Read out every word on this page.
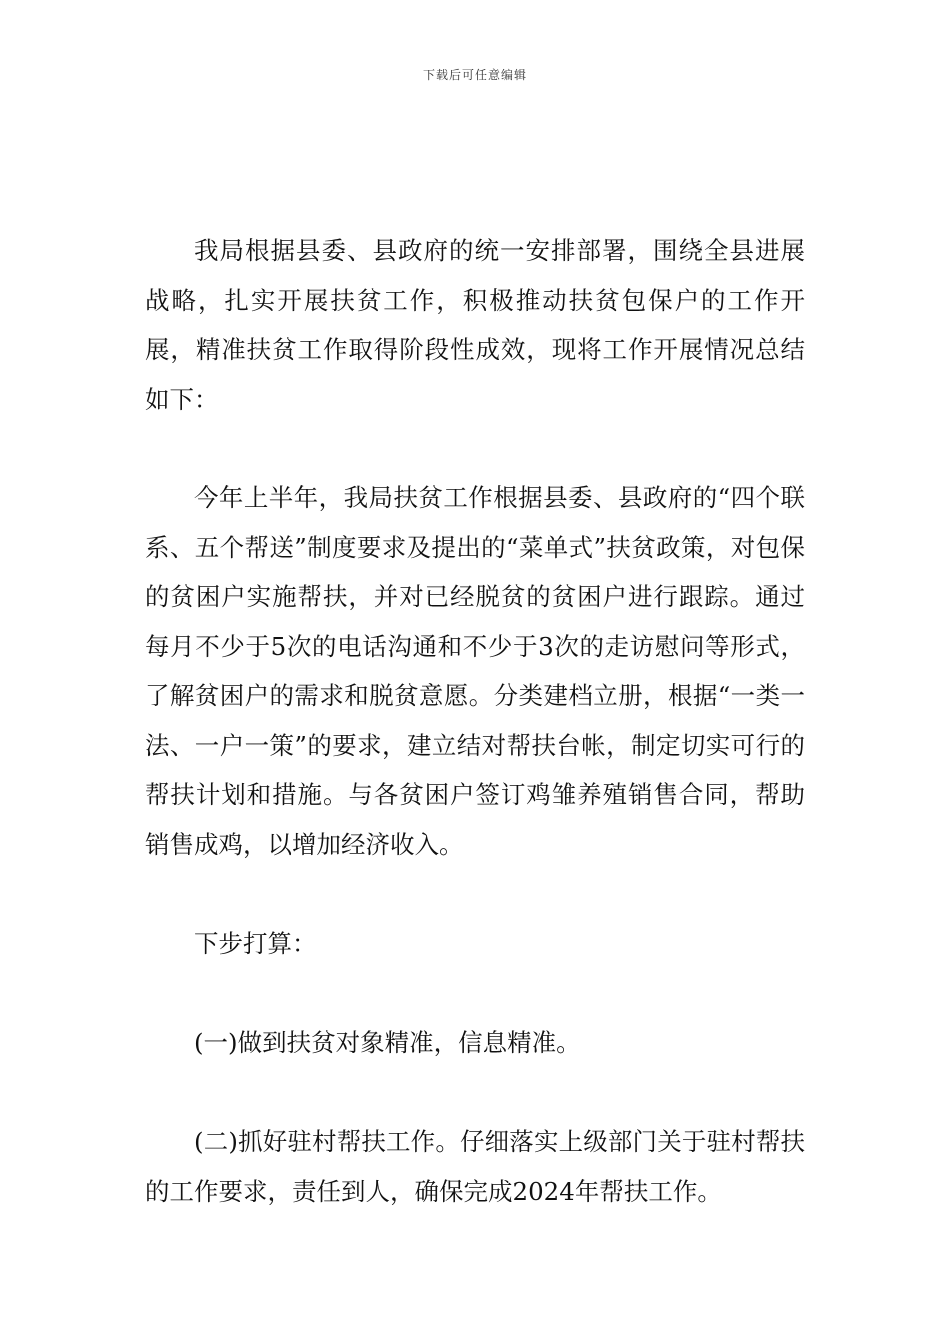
下载后可任意编辑

我局根据县委、县政府的统一安排部署，围绕全县进展战略，扎实开展扶贫工作，积极推动扶贫包保户的工作开展，精准扶贫工作取得阶段性成效，现将工作开展情况总结如下：

今年上半年，我局扶贫工作根据县委、县政府的“四个联系、五个帮送”制度要求及提出的“菜单式”扶贫政策，对包保的贫困户实施帮扶，并对已经脱贫的贫困户进行跟踪。通过每月不少于5次的电话沟通和不少于3次的走访慰问等形式，了解贫困户的需求和脱贫意愿。分类建档立册，根据“一类一法、一户一策”的要求，建立结对帮扶台帐，制定切实可行的帮扶计划和措施。与各贫困户签订鸡雏养殖销售合同，帮助销售成鸡，以增加经济收入。

下步打算：

(一)做到扶贫对象精准，信息精准。

(二)抓好驻村帮扶工作。仔细落实上级部门关于驻村帮扶的工作要求，责任到人，确保完成2024年帮扶工作。
